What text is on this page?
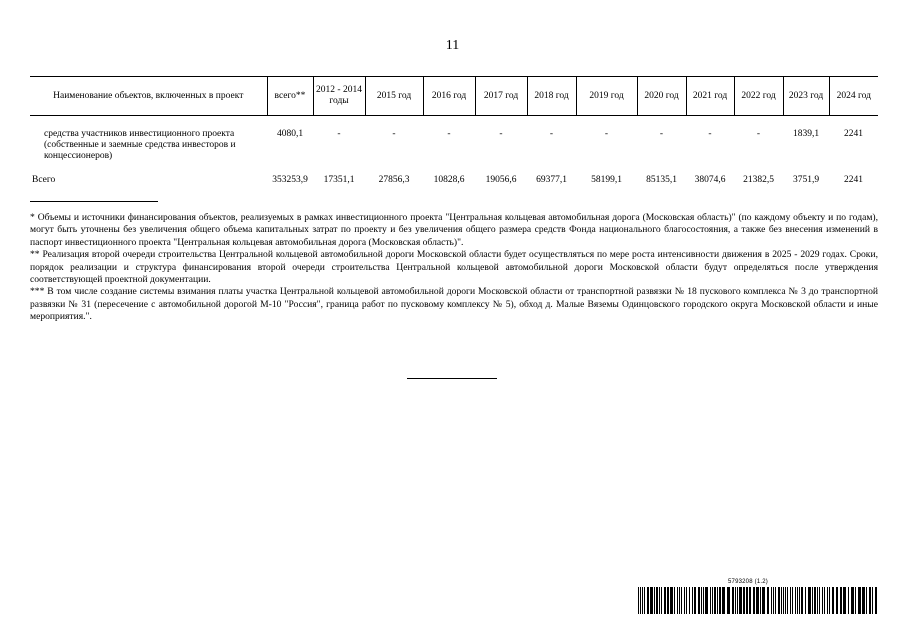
11
Наименование объектов, включенных в проект	всего**	2012 - 2014 годы	2015 год	2016 год	2017 год	2018 год	2019 год	2020 год	2021 год	2022 год	2023 год	2024 год

средства участников инвестиционного проекта (собственные и заемные средства инвесторов и концессионеров)	4080,1	-	-	-	-	-	-	-	-	-	1839,1	2241
Всего	353253,9	17351,1	27856,3	10828,6	19056,6	69377,1	58199,1	85135,1	38074,6	21382,5	3751,9	2241

* Объемы и источники финансирования объектов, реализуемых в рамках инвестиционного проекта "Центральная кольцевая автомобильная дорога (Московская область)" (по каждому объекту и по годам), могут быть уточнены без увеличения общего объема капитальных затрат по проекту и без увеличения общего размера средств Фонда национального благосостояния, а также без внесения изменений в паспорт инвестиционного проекта "Центральная кольцевая автомобильная дорога (Московская область)".

** Реализация второй очереди строительства Центральной кольцевой автомобильной дороги Московской области будет осуществляться по мере роста интенсивности движения в 2025 - 2029 годах. Сроки, порядок реализации и структура финансирования второй очереди строительства Центральной кольцевой автомобильной дороги Московской области будут определяться после утверждения соответствующей проектной документации.

*** В том числе создание системы взимания платы участка Центральной кольцевой автомобильной дороги Московской области от транспортной развязки № 18 пускового комплекса № 3 до транспортной развязки № 31 (пересечение с автомобильной дорогой М-10 "Россия", граница работ по пусковому комплексу № 5), обход д. Малые Вяземы Одинцовского городского округа Московской области и иные мероприятия.".

5793208 (1.2)
